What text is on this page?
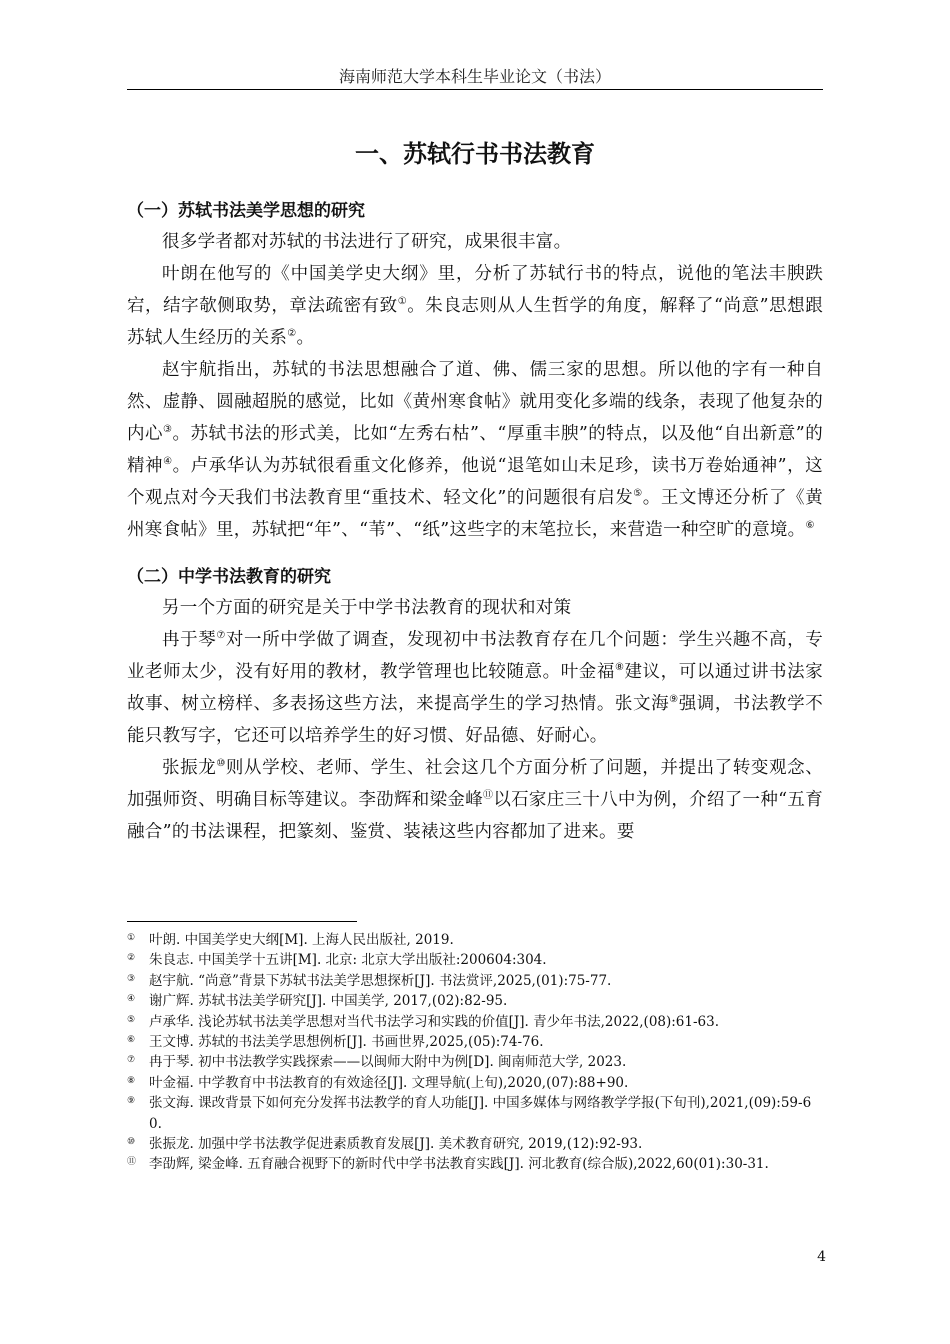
海南师范大学本科生毕业论文（书法）
一、苏轼行书书法教育
（一）苏轼书法美学思想的研究

很多学者都对苏轼的书法进行了研究，成果很丰富。

叶朗在他写的《中国美学史大纲》里，分析了苏轼行书的特点，说他的笔法丰腴跌宕，结字欹侧取势，章法疏密有致①。朱良志则从人生哲学的角度，解释了“尚意”思想跟苏轼人生经历的关系②。

赵宇航指出，苏轼的书法思想融合了道、佛、儒三家的思想。所以他的字有一种自然、虚静、圆融超脱的感觉，比如《黄州寒食帖》就用变化多端的线条，表现了他复杂的内心③。苏轼书法的形式美，比如“左秀右枯”、“厚重丰腴”的特点，以及他“自出新意”的精神④。卢承华认为苏轼很看重文化修养，他说“退笔如山未足珍，读书万卷始通神”，这个观点对今天我们书法教育里“重技术、轻文化”的问题很有启发⑤。王文博还分析了《黄州寒食帖》里，苏轼把“年”、“苇”、“纸”这些字的末笔拉长，来营造一种空旷的意境。⑥

（二）中学书法教育的研究

另一个方面的研究是关于中学书法教育的现状和对策

冉于琴⑦对一所中学做了调查，发现初中书法教育存在几个问题：学生兴趣不高，专业老师太少，没有好用的教材，教学管理也比较随意。叶金福⑧建议，可以通过讲书法家故事、树立榜样、多表扬这些方法，来提高学生的学习热情。张文海⑨强调，书法教学不能只教写字，它还可以培养学生的好习惯、好品德、好耐心。

张振龙⑩则从学校、老师、学生、社会这几个方面分析了问题，并提出了转变观念、加强师资、明确目标等建议。李劭辉和梁金峰⑪以石家庄三十八中为例，介绍了一种“五育融合”的书法课程，把篆刻、鉴赏、装裱这些内容都加了进来。要

①	叶朗. 中国美学史大纲[M]. 上海人民出版社, 2019.

②	朱良志. 中国美学十五讲[M]. 北京: 北京大学出版社:200604:304.

③	赵宇航. “尚意”背景下苏轼书法美学思想探析[J]. 书法赏评,2025,(01):75-77.

④	谢广辉. 苏轼书法美学研究[J]. 中国美学, 2017,(02):82-95.

⑤	卢承华. 浅论苏轼书法美学思想对当代书法学习和实践的价值[J]. 青少年书法,2022,(08):61-63.

⑥	王文博. 苏轼的书法美学思想例析[J]. 书画世界,2025,(05):74-76.

⑦	冉于琴. 初中书法教学实践探索——以闽师大附中为例[D]. 闽南师范大学, 2023.

⑧	叶金福. 中学教育中书法教育的有效途径[J]. 文理导航(上旬),2020,(07):88+90.

⑨	张文海. 课改背景下如何充分发挥书法教学的育人功能[J]. 中国多媒体与网络教学学报(下旬刊),2021,(09):59-60.

⑩	张振龙. 加强中学书法教学促进素质教育发展[J]. 美术教育研究, 2019,(12):92-93.

⑪ 李劭辉, 梁金峰. 五育融合视野下的新时代中学书法教育实践[J]. 河北教育(综合版),2022,60(01):30-31.

4
